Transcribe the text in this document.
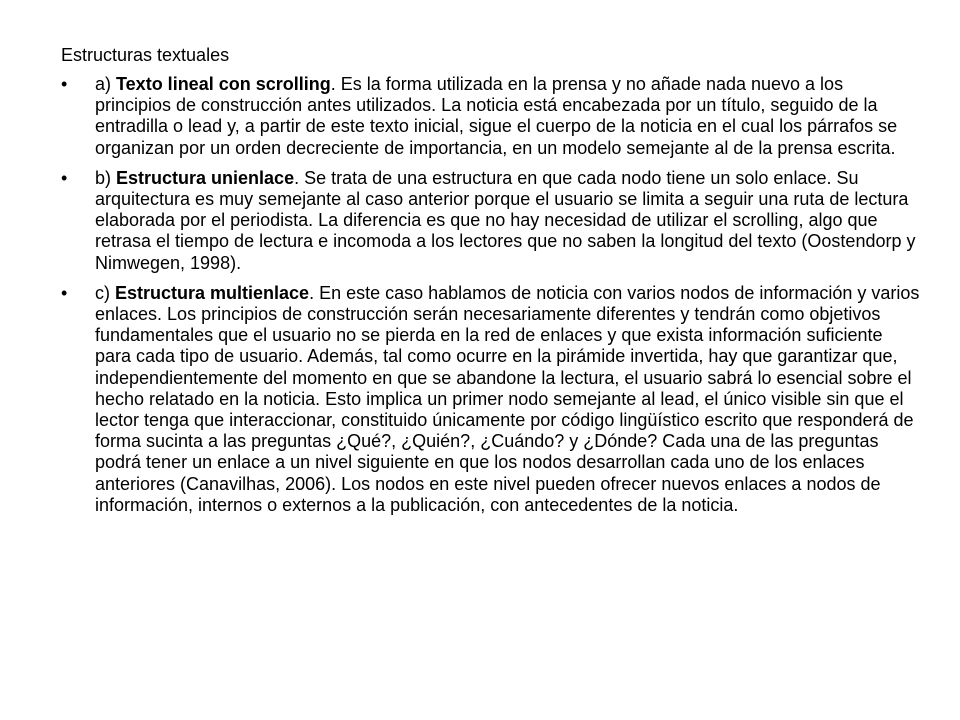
Estructuras textuales
•	a) Texto lineal con scrolling. Es la forma utilizada en la prensa y no añade nada nuevo a los principios de construcción antes utilizados. La noticia está encabezada por un título, seguido de la entradilla o lead y, a partir de este texto inicial, sigue el cuerpo de la noticia en el cual los párrafos se organizan por un orden decreciente de importancia, en un modelo semejante al de la prensa escrita.
•	b) Estructura unienlace. Se trata de una estructura en que cada nodo tiene un solo enlace. Su arquitectura es muy semejante al caso anterior porque el usuario se limita a seguir una ruta de lectura elaborada por el periodista. La diferencia es que no hay necesidad de utilizar el scrolling, algo que retrasa el tiempo de lectura e incomoda a los lectores que no saben la longitud del texto (Oostendorp y Nimwegen, 1998).
•	c) Estructura multienlace. En este caso hablamos de noticia con varios nodos de información y varios enlaces. Los principios de construcción serán necesariamente diferentes y tendrán como objetivos fundamentales que el usuario no se pierda en la red de enlaces y que exista información suficiente para cada tipo de usuario. Además, tal como ocurre en la pirámide invertida, hay que garantizar que, independientemente del momento en que se abandone la lectura, el usuario sabrá lo esencial sobre el hecho relatado en la noticia. Esto implica un primer nodo semejante al lead, el único visible sin que el lector tenga que interaccionar, constituido únicamente por código lingüístico escrito que responderá de forma sucinta a las preguntas ¿Qué?, ¿Quién?, ¿Cuándo? y ¿Dónde? Cada una de las preguntas podrá tener un enlace a un nivel siguiente en que los nodos desarrollan cada uno de los enlaces anteriores (Canavilhas, 2006). Los nodos en este nivel pueden ofrecer nuevos enlaces a nodos de información, internos o externos a la publicación, con antecedentes de la noticia.
